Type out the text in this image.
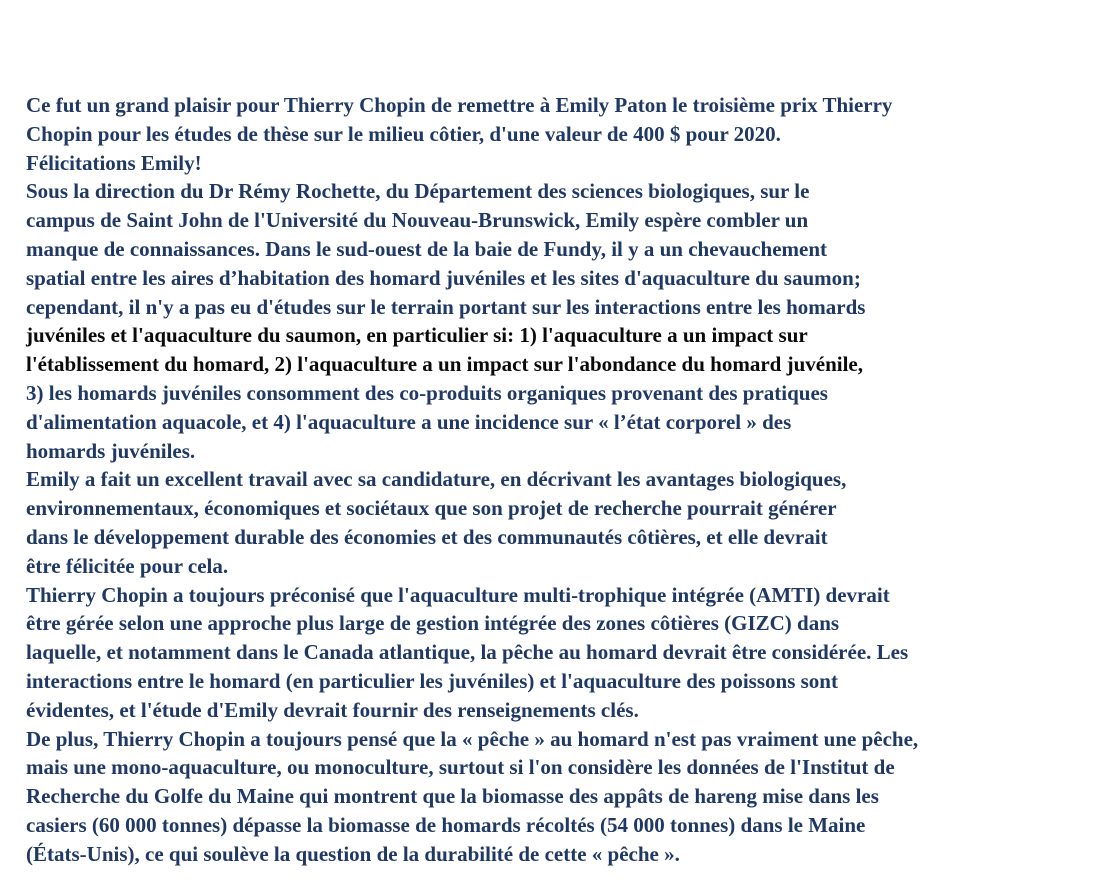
Ce fut un grand plaisir pour Thierry Chopin de remettre à Emily Paton le troisième prix Thierry
Chopin pour les études de thèse sur le milieu côtier, d'une valeur de 400 $ pour 2020.
Félicitations Emily!
Sous la direction du Dr Rémy Rochette, du Département des sciences biologiques, sur le
campus de Saint John de l'Université du Nouveau-Brunswick, Emily espère combler un
manque de connaissances. Dans le sud-ouest de la baie de Fundy, il y a un chevauchement
spatial entre les aires d’habitation des homard juvéniles et les sites d'aquaculture du saumon;
cependant, il n'y a pas eu d'études sur le terrain portant sur les interactions entre les homards
juvéniles et l'aquaculture du saumon, en particulier si: 1) l'aquaculture a un impact sur
l'établissement du homard, 2) l'aquaculture a un impact sur l'abondance du homard juvénile,
3) les homards juvéniles consomment des co-produits organiques provenant des pratiques
d'alimentation aquacole, et 4) l'aquaculture a une incidence sur « l’état corporel » des
homards juvéniles.
Emily a fait un excellent travail avec sa candidature, en décrivant les avantages biologiques,
environnementaux, économiques et sociétaux que son projet de recherche pourrait générer
dans le développement durable des économies et des communautés côtières, et elle devrait
être félicitée pour cela.
Thierry Chopin a toujours préconisé que l'aquaculture multi-trophique intégrée (AMTI) devrait
être gérée selon une approche plus large de gestion intégrée des zones côtières (GIZC) dans
laquelle, et notamment dans le Canada atlantique, la pêche au homard devrait être considérée. Les
interactions entre le homard (en particulier les juvéniles) et l'aquaculture des poissons sont
évidentes, et l'étude d'Emily devrait fournir des renseignements clés.
De plus, Thierry Chopin a toujours pensé que la « pêche » au homard n'est pas vraiment une pêche,
mais une mono-aquaculture, ou monoculture, surtout si l'on considère les données de l'Institut de
Recherche du Golfe du Maine qui montrent que la biomasse des appâts de hareng mise dans les
casiers (60 000 tonnes) dépasse la biomasse de homards récoltés (54 000 tonnes) dans le Maine
(États-Unis), ce qui soulève la question de la durabilité de cette « pêche ».
